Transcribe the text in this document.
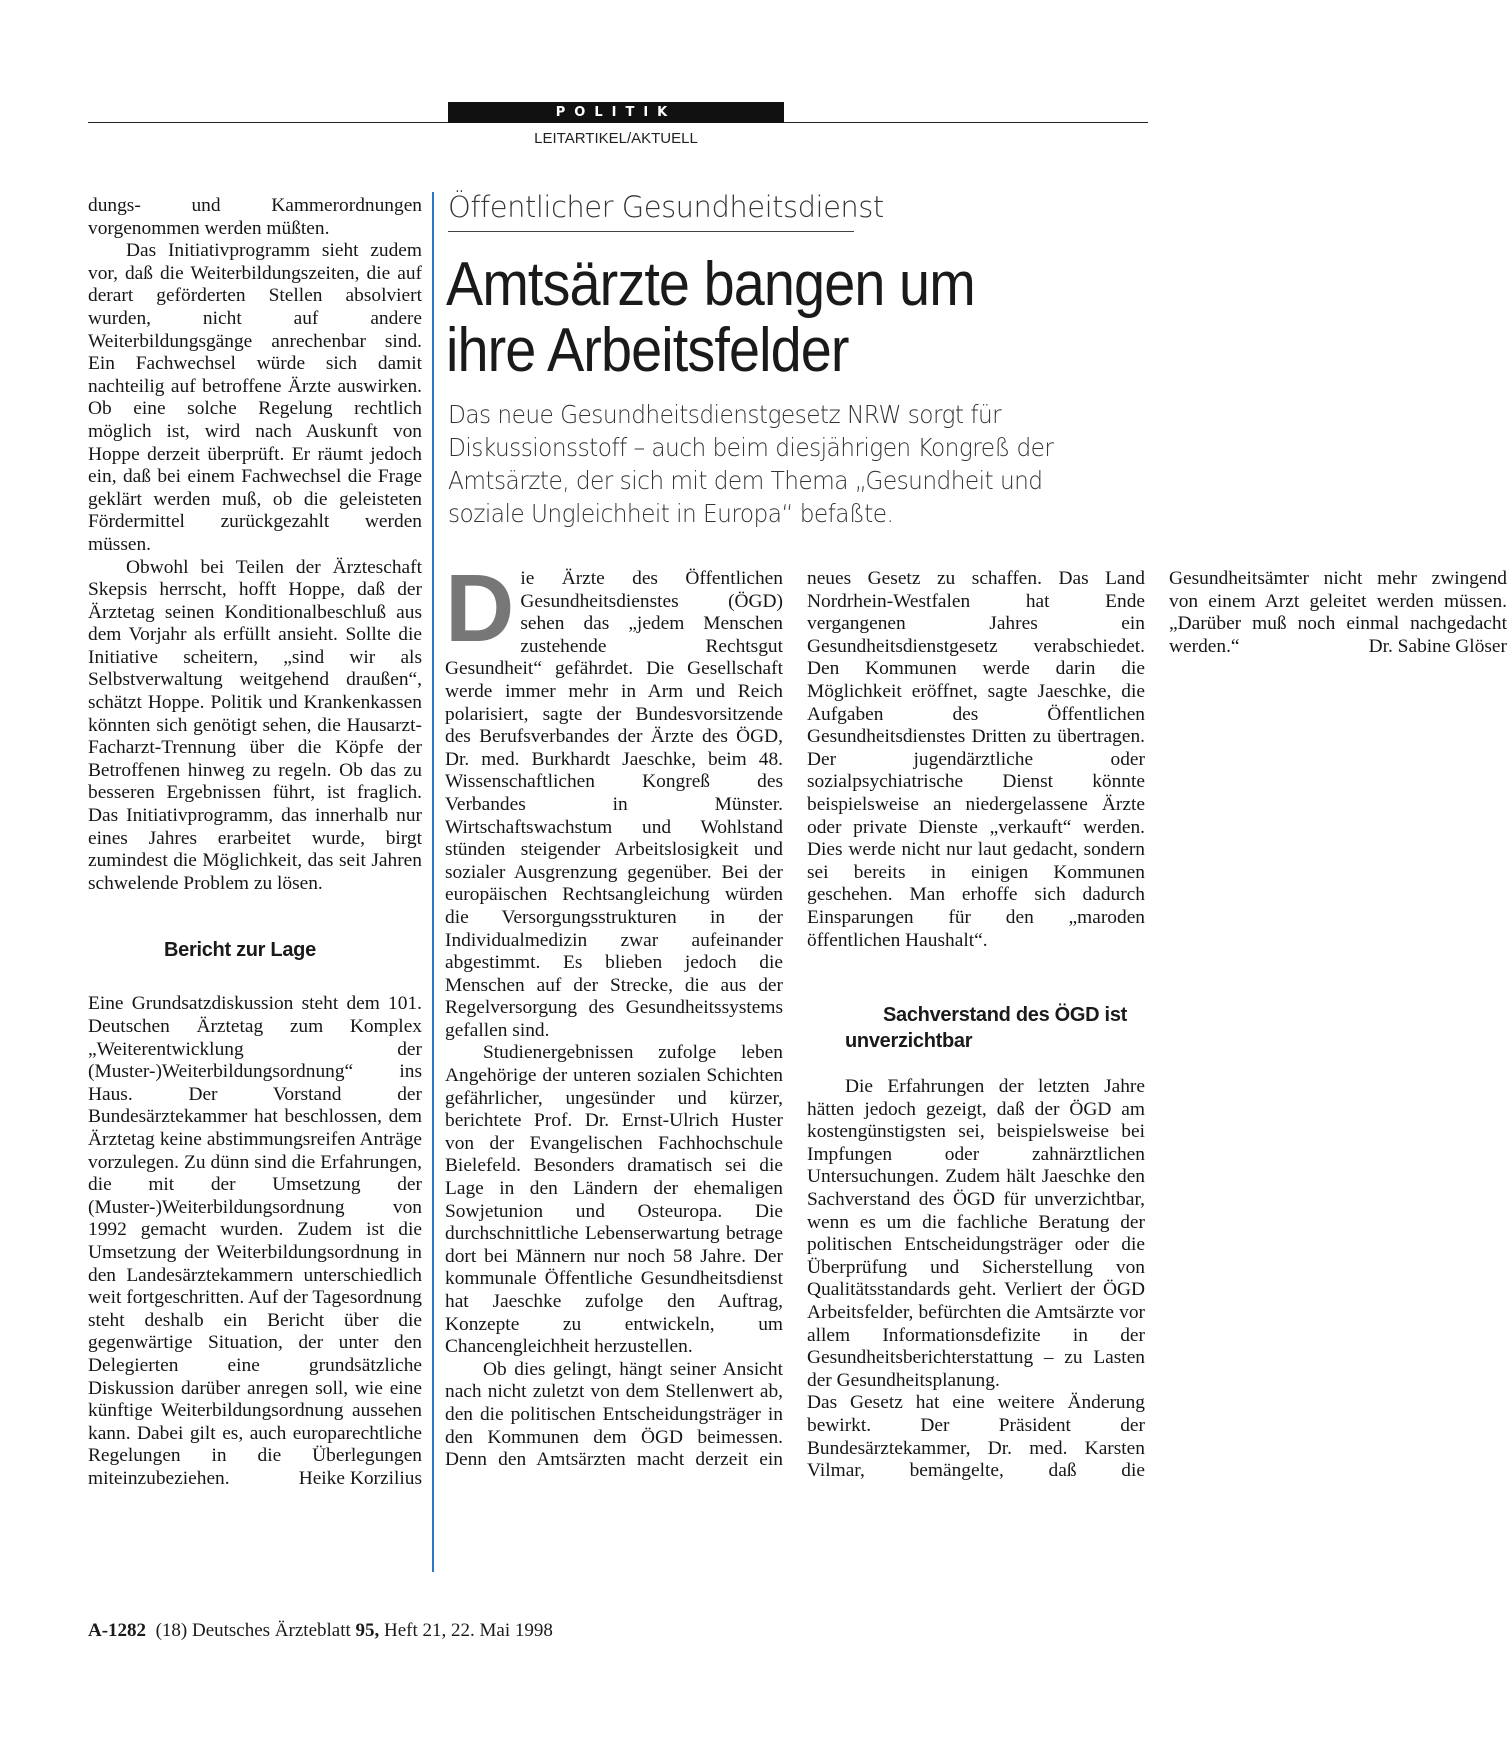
POLITIK
LEITARTIKEL/AKTUELL

dungs- und Kammerordnungen vorgenommen werden müßten.

Das Initiativprogramm sieht zudem vor, daß die Weiterbildungszeiten, die auf derart geförderten Stellen absolviert wurden, nicht auf andere Weiterbildungsgänge anrechenbar sind. Ein Fachwechsel würde sich damit nachteilig auf betroffene Ärzte auswirken. Ob eine solche Regelung rechtlich möglich ist, wird nach Auskunft von Hoppe derzeit überprüft. Er räumt jedoch ein, daß bei einem Fachwechsel die Frage geklärt werden muß, ob die geleisteten Fördermittel zurückgezahlt werden müssen.

Obwohl bei Teilen der Ärzteschaft Skepsis herrscht, hofft Hoppe, daß der Ärztetag seinen Konditionalbeschluß aus dem Vorjahr als erfüllt ansieht. Sollte die Initiative scheitern, „sind wir als Selbstverwaltung weitgehend draußen“, schätzt Hoppe. Politik und Krankenkassen könnten sich genötigt sehen, die Hausarzt-Facharzt-Trennung über die Köpfe der Betroffenen hinweg zu regeln. Ob das zu besseren Ergebnissen führt, ist fraglich. Das Initiativprogramm, das innerhalb nur eines Jahres erarbeitet wurde, birgt zumindest die Möglichkeit, das seit Jahren schwelende Problem zu lösen.

Bericht zur Lage

Eine Grundsatzdiskussion steht dem 101. Deutschen Ärztetag zum Komplex „Weiterentwicklung der (Muster-)Weiterbildungsordnung“ ins Haus. Der Vorstand der Bundesärztekammer hat beschlossen, dem Ärztetag keine abstimmungsreifen Anträge vorzulegen. Zu dünn sind die Erfahrungen, die mit der Umsetzung der (Muster-)Weiterbildungsordnung von 1992 gemacht wurden. Zudem ist die Umsetzung der Weiterbildungsordnung in den Landesärztekammern unterschiedlich weit fortgeschritten. Auf der Tagesordnung steht deshalb ein Bericht über die gegenwärtige Situation, der unter den Delegierten eine grundsätzliche Diskussion darüber anregen soll, wie eine künftige Weiterbildungsordnung aussehen kann. Dabei gilt es, auch europarechtliche Regelungen in die Überlegungen miteinzubeziehen.	Heike Korzilius
Öffentlicher Gesundheitsdienst
Amtsärzte bangen um ihre Arbeitsfelder

Das neue Gesundheitsdienstgesetz NRW sorgt für Diskussionsstoff – auch beim diesjährigen Kongreß der Amtsärzte, der sich mit dem Thema „Gesundheit und soziale Ungleichheit in Europa“ befaßte.

Die Ärzte des Öffentlichen Gesundheitsdienstes (ÖGD) sehen das „jedem Menschen zustehende Rechtsgut Gesundheit“ gefährdet. Die Gesellschaft werde immer mehr in Arm und Reich polarisiert, sagte der Bundesvorsitzende des Berufsverbandes der Ärzte des ÖGD, Dr. med. Burkhardt Jaeschke, beim 48. Wissenschaftlichen Kongreß des Verbandes in Münster. Wirtschaftswachstum und Wohlstand stünden steigender Arbeitslosigkeit und sozialer Ausgrenzung gegenüber. Bei der europäischen Rechtsangleichung würden die Versorgungsstrukturen in der Individualmedizin zwar aufeinander abgestimmt. Es blieben jedoch die Menschen auf der Strecke, die aus der Regelversorgung des Gesundheitssystems gefallen sind.

Studienergebnissen zufolge leben Angehörige der unteren sozialen Schichten gefährlicher, ungesünder und kürzer, berichtete Prof. Dr. Ernst-Ulrich Huster von der Evangelischen Fachhochschule Bielefeld. Besonders dramatisch sei die Lage in den Ländern der ehemaligen Sowjetunion und Osteuropa. Die durchschnittliche Lebenserwartung betrage dort bei Männern nur noch 58 Jahre. Der kommunale Öffentliche Gesundheitsdienst hat Jaeschke zufolge den Auftrag, Konzepte zu entwickeln, um Chancengleichheit herzustellen.

Ob dies gelingt, hängt seiner Ansicht nach nicht zuletzt von dem Stellenwert ab, den die politischen Entscheidungsträger in den Kommunen dem ÖGD beimessen. Denn den Amtsärzten macht derzeit ein neues Gesetz zu schaffen. Das Land Nordrhein-Westfalen hat Ende vergangenen Jahres ein Gesundheitsdienstgesetz verabschiedet. Den Kommunen werde darin die Möglichkeit eröffnet, sagte Jaeschke, die Aufgaben des Öffentlichen Gesundheitsdienstes Dritten zu übertragen. Der jugendärztliche oder sozialpsychiatrische Dienst könnte beispielsweise an niedergelassene Ärzte oder private Dienste „verkauft“ werden. Dies werde nicht nur laut gedacht, sondern sei bereits in einigen Kommunen geschehen. Man erhoffe sich dadurch Einsparungen für den „maroden öffentlichen Haushalt“.

Sachverstand des ÖGD ist unverzichtbar

Die Erfahrungen der letzten Jahre hätten jedoch gezeigt, daß der ÖGD am kostengünstigsten sei, beispielsweise bei Impfungen oder zahnärztlichen Untersuchungen. Zudem hält Jaeschke den Sachverstand des ÖGD für unverzichtbar, wenn es um die fachliche Beratung der politischen Entscheidungsträger oder die Überprüfung und Sicherstellung von Qualitätsstandards geht. Verliert der ÖGD Arbeitsfelder, befürchten die Amtsärzte vor allem Informationsdefizite in der Gesundheitsberichterstattung – zu Lasten der Gesundheitsplanung.

Das Gesetz hat eine weitere Änderung bewirkt. Der Präsident der Bundesärztekammer, Dr. med. Karsten Vilmar, bemängelte, daß die Gesundheitsämter nicht mehr zwingend von einem Arzt geleitet werden müssen. „Darüber muß noch einmal nachgedacht werden.“	Dr. Sabine Glöser
A-1282 (18) Deutsches Ärzteblatt 95, Heft 21, 22. Mai 1998
